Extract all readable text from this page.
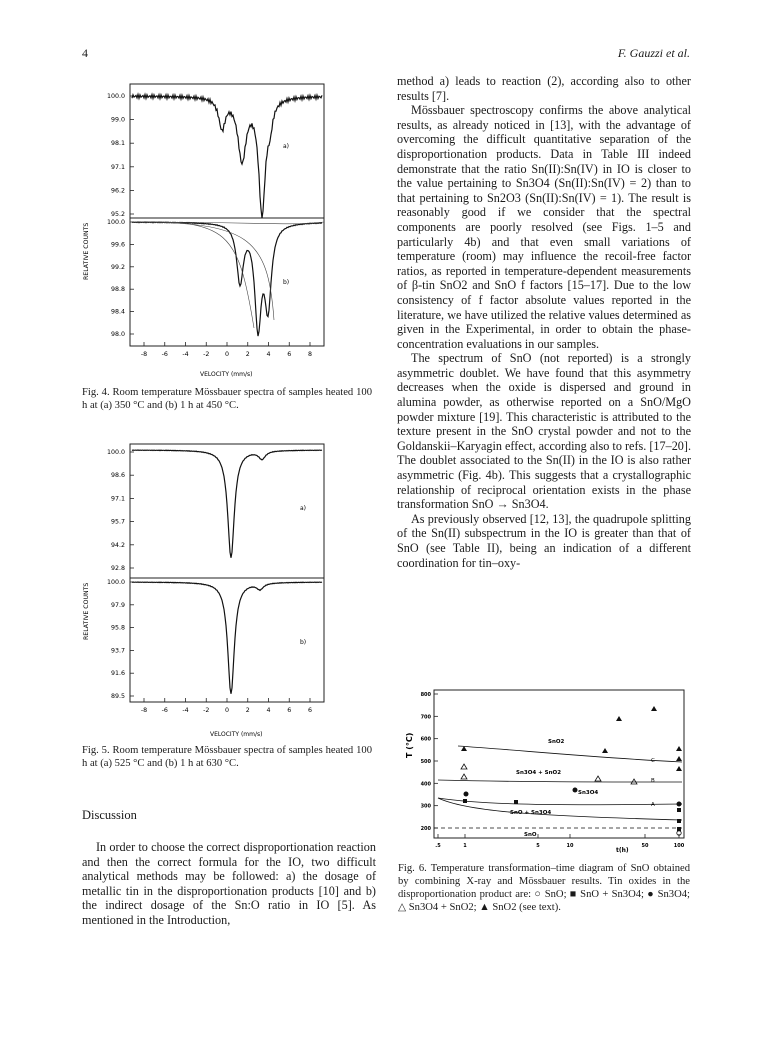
4	F. Gauzzi et al.
100.0
99.0
98.1
97.1
96.2
95.2
100.0
99.6
99.2
98.8
98.4
98.0
-8 -6 -4 -2 0	2	4	6	8
a)
b)
RELATIVE COUNTS
VELOCITY (mm/s)
Fig. 4. Room temperature Mössbauer spectra of samples heated 100 h at (a) 350 °C and (b) 1 h at 450 °C.
100.0
98.6
97.1
95.7
94.2
92.8
100.0
97.9
95.8
93.7
91.6
89.5
-8 -6 -4 -2 0	2	4	6	6
a)
b)
RELATIVE COUNTS
VELOCITY (mm/s)
Fig. 5. Room temperature Mössbauer spectra of samples heated 100 h at (a) 525 °C and (b) 1 h at 630 °C.
Discussion

In order to choose the correct disproportionation reaction and then the correct formula for the IO, two difficult analytical methods may be followed: a) the dosage of metallic tin in the disproportionation products [10] and b) the indirect dosage of the Sn:O ratio in IO [5]. As mentioned in the Introduction,

method a) leads to reaction (2), according also to other results [7].

Mössbauer spectroscopy confirms the above analytical results, as already noticed in [13], with the advantage of overcoming the difficult quantitative separation of the disproportionation products. Data in Table III indeed demonstrate that the ratio Sn(II):Sn(IV) in IO is closer to the value pertaining to Sn3O4 (Sn(II):Sn(IV) = 2) than to that pertaining to Sn2O3 (Sn(II):Sn(IV) = 1). The result is reasonably good if we consider that the spectral components are poorly resolved (see Figs. 1–5 and particularly 4b) and that even small variations of temperature (room) may influence the recoil-free factor ratios, as reported in temperature-dependent measurements of β-tin SnO2 and SnO f factors [15–17]. Due to the low consistency of f factor absolute values reported in the literature, we have utilized the relative values determined as given in the Experimental, in order to obtain the phase-concentration evaluations in our samples.

The spectrum of SnO (not reported) is a strongly asymmetric doublet. We have found that this asymmetry decreases when the oxide is dispersed and ground in alumina powder, as otherwise reported on a SnO/MgO powder mixture [19]. This characteristic is attributed to the texture present in the SnO crystal powder and not to the Goldanskii–Karyagin effect, according also to refs. [17–20]. The doublet associated to the Sn(II) in the IO is also rather asymmetric (Fig. 4b). This suggests that a crystallographic relationship of reciprocal orientation exists in the phase transformation SnO → Sn3O4.

As previously observed [12, 13], the quadrupole splitting of the Sn(II) subspectrum in the IO is greater than that of SnO (see Table II), being an indication of a different coordination for tin–oxy-

800
700
600
500
400
300
200
.5	1	5	10	50	100
SnO2
Sn3O4 + SnO2
Sn3O4
SnO + Sn3O4
SnO
C
B
A
T (°C)
t(h)
Fig. 6. Temperature transformation–time diagram of SnO obtained by combining X-ray and Mössbauer results. Tin oxides in the disproportionation product are: ○ SnO; ■ SnO + Sn3O4; ● Sn3O4; △ Sn3O4 + SnO2; ▲ SnO2 (see text).
